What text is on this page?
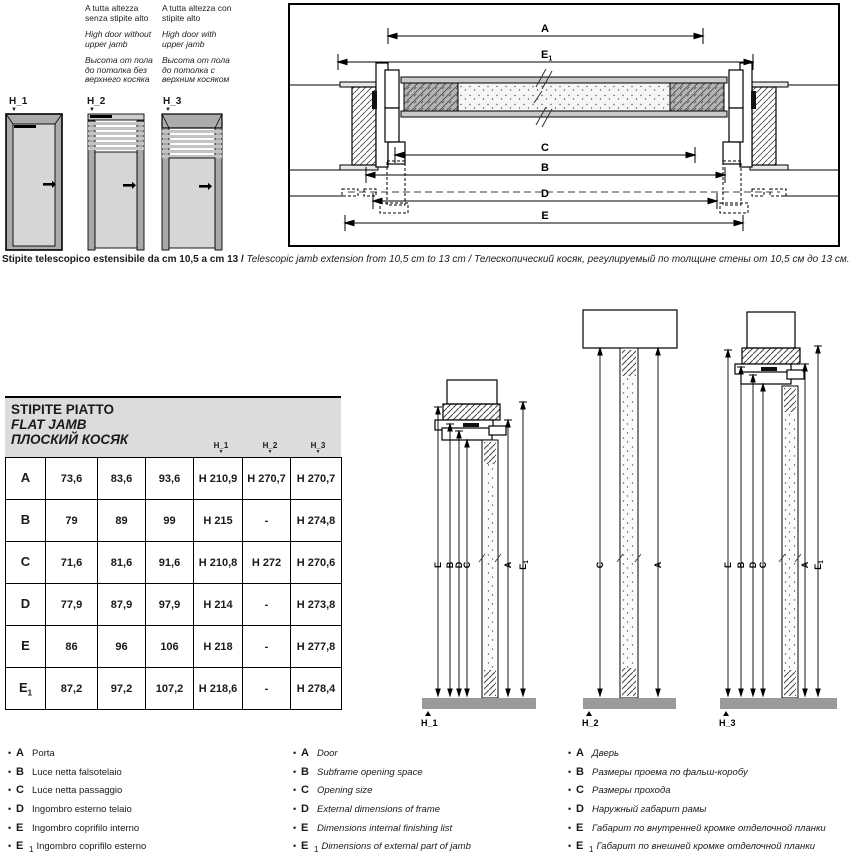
A tutta altezza senza stipite alto

High door without upper jamb

Высота от пола до потолка без верхнего косяка

A tutta altezza con stipite alto

High door with upper jamb

Высота от пола до потолка с верхним косяком

H_1
▼
H_2
▼
H_3
▼
A
$E_1$
C
B
D
E
Stipite telescopico estensibile da cm 10,5 a cm 13 / Telescopic jamb extension from 10,5 cm to 13 cm / Телескопический косяк, регулируемый по толщине стены от 10,5 см до 13 см.
STIPITE PIATTO
FLAT JAMB
ПЛОСКИЙ КОСЯК	H_1
▼
H_2
▼
H_3
▼
A	73,6	83,6	93,6	H 210,9	H 270,7	H 270,7
B	79	89	99	H 215	-	H 274,8
C	71,6	81,6	91,6	H 210,8	H 272	H 270,6
D	77,9	87,9	97,9	H 214	-	H 273,8
E	86	96	106	H 218	-	H 277,8
$E_1$	87,2	97,2	107,2	H 218,6	-	H 278,4
E B D
C	A $E_1$
H_1
C	A
H_2
E B D C	A $E_1$
H_3
• A Porta
• B Luce netta falsotelaio
• C Luce netta passaggio
• D Ingombro esterno telaio
• E Ingombro coprifilo interno
• E $_1$ Ingombro coprifilo esterno
• A Door
• B Subframe opening space
• C Opening size
• D External dimensions of frame
• E Dimensions internal finishing list
• E $_1$ Dimensions of external part of jamb
• A Дверь
• B Размеры проема по фальш-коробу
• C Размеры прохода
• D Наружный габарит рамы
• E Габарит по внутренней кромке отделочной планки
• E $_1$ Габарит по внешней кромке отделочной планки
